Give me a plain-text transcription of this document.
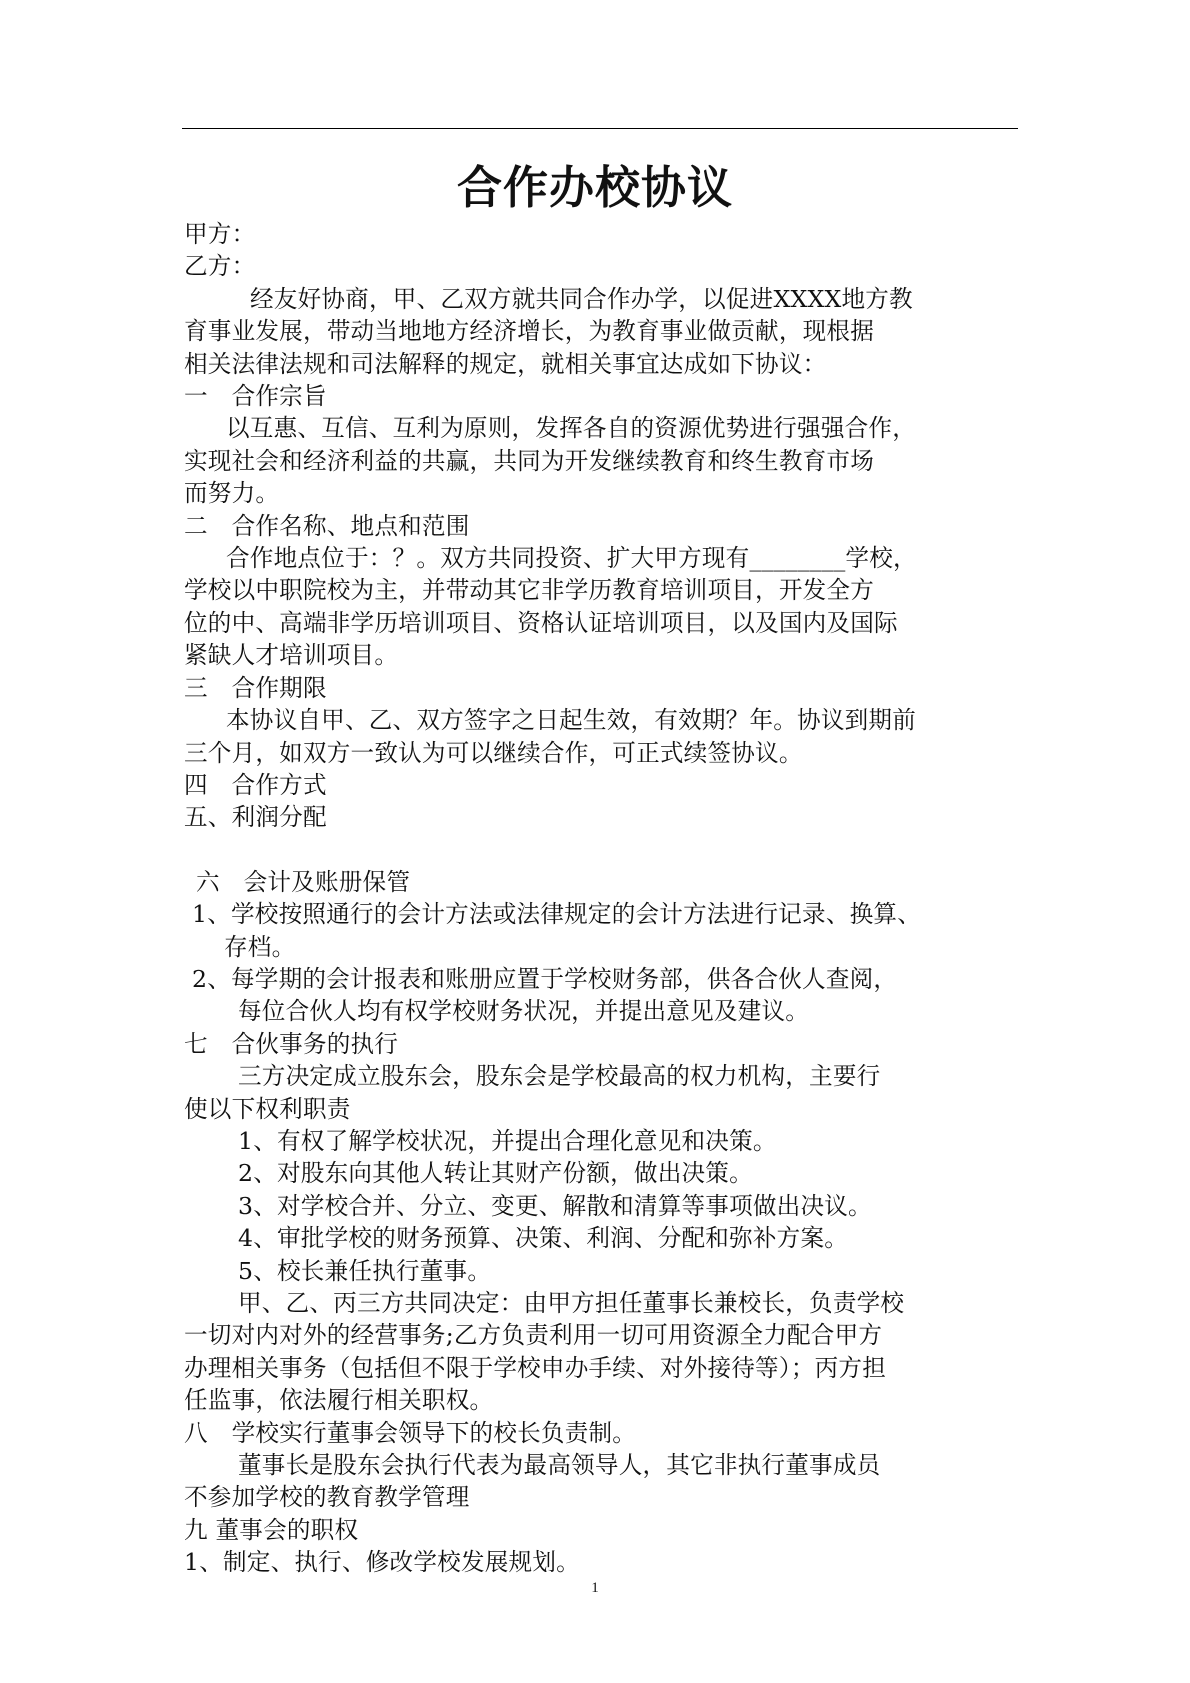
合作办校协议

甲方：

乙方：

经友好协商，甲、乙双方就共同合作办学，以促进XXXX地方教

育事业发展，带动当地地方经济增长，为教育事业做贡献，现根据

相关法律法规和司法解释的规定，就相关事宜达成如下协议：

一　合作宗旨

以互惠、互信、互利为原则，发挥各自的资源优势进行强强合作，

实现社会和经济利益的共赢，共同为开发继续教育和终生教育市场

而努力。

二　合作名称、地点和范围

合作地点位于：？。双方共同投资、扩大甲方现有________学校，

学校以中职院校为主，并带动其它非学历教育培训项目，开发全方

位的中、高端非学历培训项目、资格认证培训项目，以及国内及国际

紧缺人才培训项目。

三　合作期限

本协议自甲、乙、双方签字之日起生效，有效期？年。协议到期前

三个月，如双方一致认为可以继续合作，可正式续签协议。

四　合作方式

五、利润分配

六　会计及账册保管

1、学校按照通行的会计方法或法律规定的会计方法进行记录、换算、

存档。

2、每学期的会计报表和账册应置于学校财务部，供各合伙人查阅，

每位合伙人均有权学校财务状况，并提出意见及建议。

七　合伙事务的执行

三方决定成立股东会，股东会是学校最高的权力机构，主要行

使以下权利职责

1、有权了解学校状况，并提出合理化意见和决策。

2、对股东向其他人转让其财产份额，做出决策。

3、对学校合并、分立、变更、解散和清算等事项做出决议。

4、审批学校的财务预算、决策、利润、分配和弥补方案。

5、校长兼任执行董事。

甲、乙、丙三方共同决定：由甲方担任董事长兼校长，负责学校

一切对内对外的经营事务;乙方负责利用一切可用资源全力配合甲方

办理相关事务（包括但不限于学校申办手续、对外接待等）；丙方担

任监事，依法履行相关职权。

八　学校实行董事会领导下的校长负责制。

董事长是股东会执行代表为最高领导人，其它非执行董事成员

不参加学校的教育教学管理

九 董事会的职权

1、制定、执行、修改学校发展规划。

1
